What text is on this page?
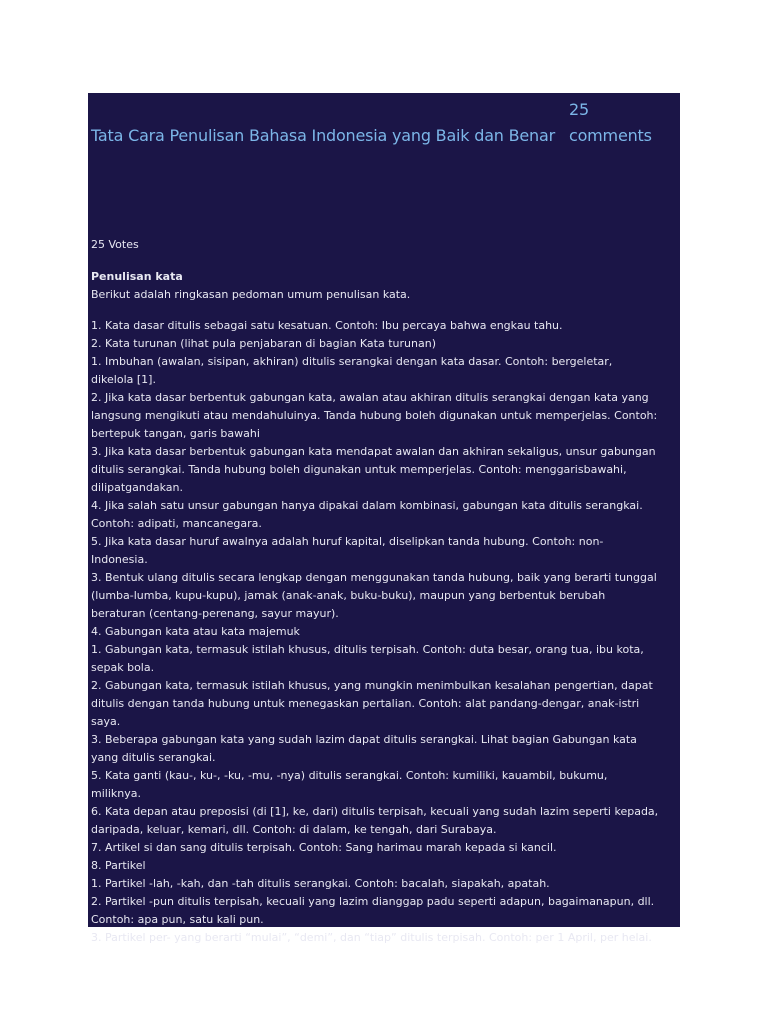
Tata Cara Penulisan Bahasa Indonesia yang Baik dan Benar25
comments
25 Votes
Penulisan kata
Berikut adalah ringkasan pedoman umum penulisan kata.
1. Kata dasar ditulis sebagai satu kesatuan. Contoh: Ibu percaya bahwa engkau tahu.
2. Kata turunan (lihat pula penjabaran di bagian Kata turunan)
1. Imbuhan (awalan, sisipan, akhiran) ditulis serangkai dengan kata dasar. Contoh: bergeletar,
dikelola [1].
2. Jika kata dasar berbentuk gabungan kata, awalan atau akhiran ditulis serangkai dengan kata yang
langsung mengikuti atau mendahuluinya. Tanda hubung boleh digunakan untuk memperjelas. Contoh:
bertepuk tangan, garis bawahi
3. Jika kata dasar berbentuk gabungan kata mendapat awalan dan akhiran sekaligus, unsur gabungan
ditulis serangkai. Tanda hubung boleh digunakan untuk memperjelas. Contoh: menggarisbawahi,
dilipatgandakan.
4. Jika salah satu unsur gabungan hanya dipakai dalam kombinasi, gabungan kata ditulis serangkai.
Contoh: adipati, mancanegara.
5. Jika kata dasar huruf awalnya adalah huruf kapital, diselipkan tanda hubung. Contoh: non-
Indonesia.
3. Bentuk ulang ditulis secara lengkap dengan menggunakan tanda hubung, baik yang berarti tunggal
(lumba-lumba, kupu-kupu), jamak (anak-anak, buku-buku), maupun yang berbentuk berubah
beraturan (centang-perenang, sayur mayur).
4. Gabungan kata atau kata majemuk
1. Gabungan kata, termasuk istilah khusus, ditulis terpisah. Contoh: duta besar, orang tua, ibu kota,
sepak bola.
2. Gabungan kata, termasuk istilah khusus, yang mungkin menimbulkan kesalahan pengertian, dapat
ditulis dengan tanda hubung untuk menegaskan pertalian. Contoh: alat pandang-dengar, anak-istri
saya.
3. Beberapa gabungan kata yang sudah lazim dapat ditulis serangkai. Lihat bagian Gabungan kata
yang ditulis serangkai.
5. Kata ganti (kau-, ku-, -ku, -mu, -nya) ditulis serangkai. Contoh: kumiliki, kauambil, bukumu,
miliknya.
6. Kata depan atau preposisi (di [1], ke, dari) ditulis terpisah, kecuali yang sudah lazim seperti kepada,
daripada, keluar, kemari, dll. Contoh: di dalam, ke tengah, dari Surabaya.
7. Artikel si dan sang ditulis terpisah. Contoh: Sang harimau marah kepada si kancil.
8. Partikel
1. Partikel -lah, -kah, dan -tah ditulis serangkai. Contoh: bacalah, siapakah, apatah.
2. Partikel -pun ditulis terpisah, kecuali yang lazim dianggap padu seperti adapun, bagaimanapun, dll.
Contoh: apa pun, satu kali pun.
3. Partikel per- yang berarti “mulai”, “demi”, dan “tiap” ditulis terpisah. Contoh: per 1 April, per helai.
